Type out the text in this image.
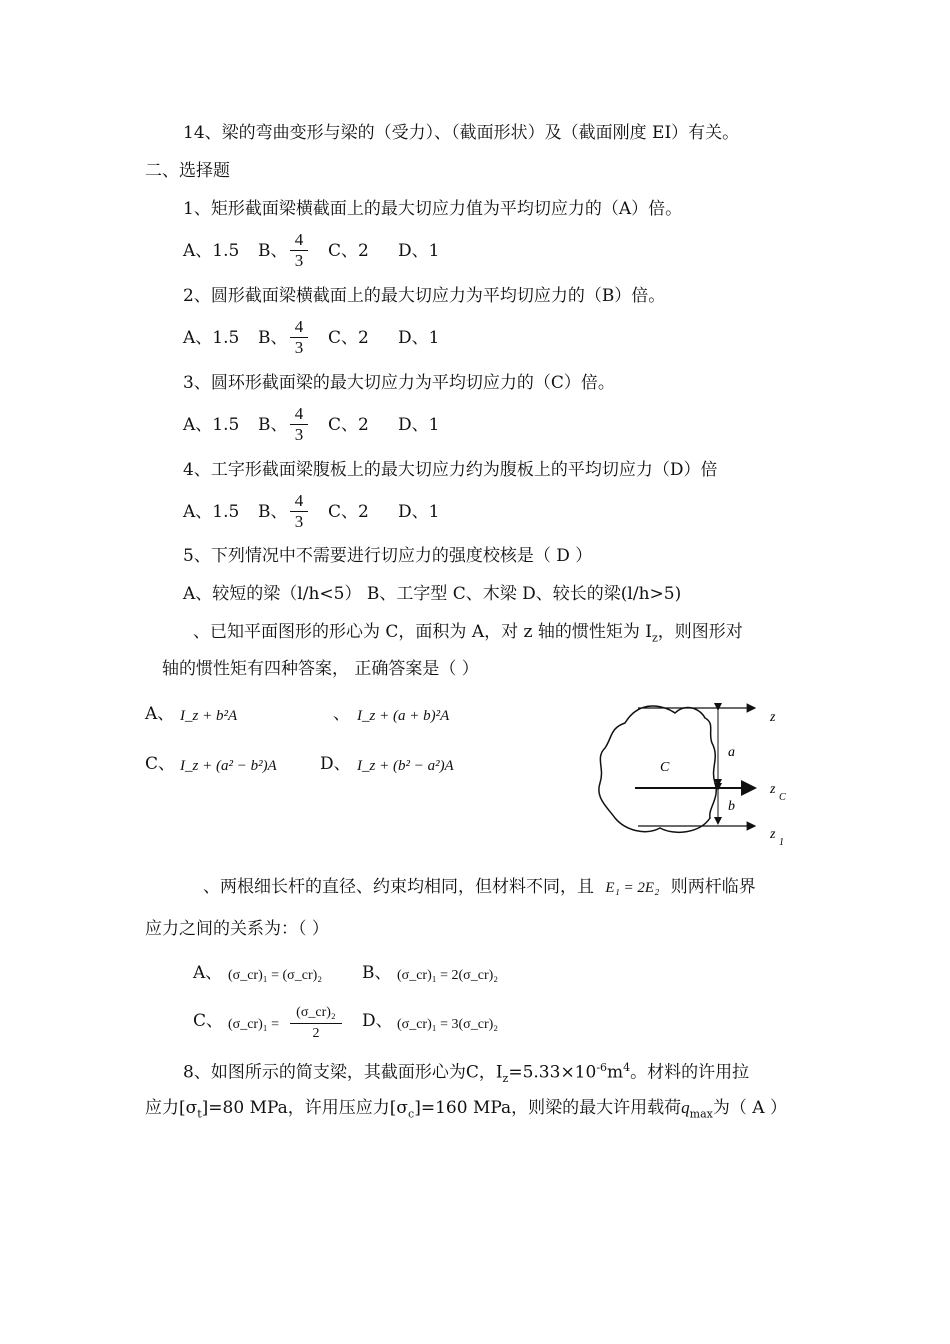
14、梁的弯曲变形与梁的（受力）、（截面形状）及（截面刚度 EI）有关。
二、选择题
1、矩形截面梁横截面上的最大切应力值为平均切应力的（A）倍。
A、1.5 B、 $\frac{4}{3}$ C、2 D、1
2、圆形截面梁横截面上的最大切应力为平均切应力的（B）倍。
A、1.5 B、 $\frac{4}{3}$ C、2 D、1
3、圆环形截面梁的最大切应力为平均切应力的（C）倍。
A、1.5 B、 $\frac{4}{3}$ C、2 D、1
4、工字形截面梁腹板上的最大切应力约为腹板上的平均切应力（D）倍
A、1.5 B、 $\frac{4}{3}$ C、2 D、1
5、下列情况中不需要进行切应力的强度校核是（ D ）
A、较短的梁（l/h<5） B、工字型 C、木梁 D、较长的梁(l/h>5)
、已知平面图形的形心为 C，面积为 A，对 z 轴的惯性矩为 $I_z$，则图形对
轴的惯性矩有四种答案， 正确答案是（ ）
A、 I_z + b²A	、 I_z + (a + b)²A
C、 I_z + (a² − b²)A	D、 I_z + (b² − a²)A
z
z
C
z
1
a
b
C
、两根细长杆的直径、约束均相同，但材料不同，且 E₁ = 2E₂ 则两杆临界
应力之间的关系为：（ ）
A、 (σ_cr)₁ = (σ_cr)₂ B、 (σ_cr)₁ = 2(σ_cr)₂
C、 (σ_cr)₁ = $\frac{\text{(σ\_cr)₂}}{2}$ D、 (σ_cr)₁ = 3(σ_cr)₂
8、如图所示的简支梁，其截面形心为C，$I_z=5.33\times 10^{-6}m^4$。材料的许用拉
应力$[\sigma_t]=80$ MPa，许用压应力$[\sigma_c]=160$ MPa，则梁的最大许用载荷$q_{max}$为（ A ）
